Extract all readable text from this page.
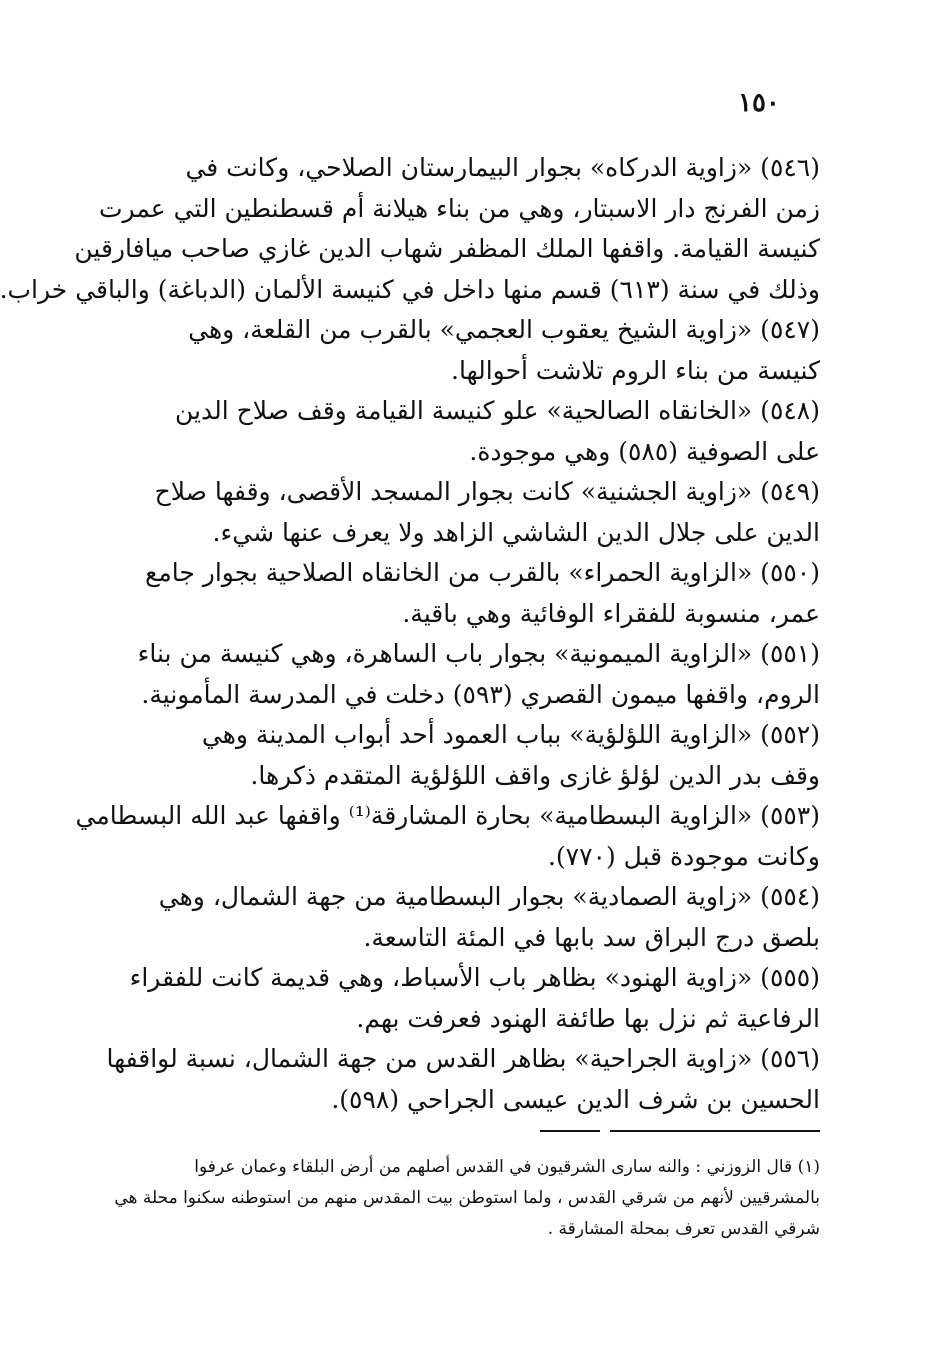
١٥٠
(٥٤٦) «زاوية الدركاه» بجوار البيمارستان الصلاحي، وكانت في
زمن الفرنج دار الاسبتار، وهي من بناء هيلانة أم قسطنطين التي عمرت
كنيسة القيامة. واقفها الملك المظفر شهاب الدين غازي صاحب ميافارقين
وذلك في سنة (٦١٣) قسم منها داخل في كنيسة الألمان (الدباغة) والباقي خراب.
(٥٤٧) «زاوية الشيخ يعقوب العجمي» بالقرب من القلعة، وهي
كنيسة من بناء الروم تلاشت أحوالها.
(٥٤٨) «الخانقاه الصالحية» علو كنيسة القيامة وقف صلاح الدين
على الصوفية (٥٨٥) وهي موجودة.
(٥٤٩) «زاوية الجشنية» كانت بجوار المسجد الأقصى، وقفها صلاح
الدين على جلال الدين الشاشي الزاهد ولا يعرف عنها شيء.
(٥٥٠) «الزاوية الحمراء» بالقرب من الخانقاه الصلاحية بجوار جامع
عمر، منسوبة للفقراء الوفائية وهي باقية.
(٥٥١) «الزاوية الميمونية» بجوار باب الساهرة، وهي كنيسة من بناء
الروم، واقفها ميمون القصري (٥٩٣) دخلت في المدرسة المأمونية.
(٥٥٢) «الزاوية اللؤلؤية» بباب العمود أحد أبواب المدينة وهي
وقف بدر الدين لؤلؤ غازى واقف اللؤلؤية المتقدم ذكرها.
(٥٥٣) «الزاوية البسطامية» بحارة المشارقة⁽¹⁾ واقفها عبد الله البسطامي
وكانت موجودة قبل (٧٧٠).
(٥٥٤) «زاوية الصمادية» بجوار البسطامية من جهة الشمال، وهي
بلصق درج البراق سد بابها في المئة التاسعة.
(٥٥٥) «زاوية الهنود» بظاهر باب الأسباط، وهي قديمة كانت للفقراء
الرفاعية ثم نزل بها طائفة الهنود فعرفت بهم.
(٥٥٦) «زاوية الجراحية» بظاهر القدس من جهة الشمال، نسبة لواقفها
الحسين بن شرف الدين عيسى الجراحي (٥٩٨).
(١) قال الزوزني : والنه سارى الشرقيون في القدس أصلهم من أرض البلقاء وعمان عرفوا
بالمشرقيين لأنهم من شرقي القدس ، ولما استوطن بيت المقدس منهم من استوطنه سكنوا محلة هي
شرقي القدس تعرف بمحلة المشارقة .
